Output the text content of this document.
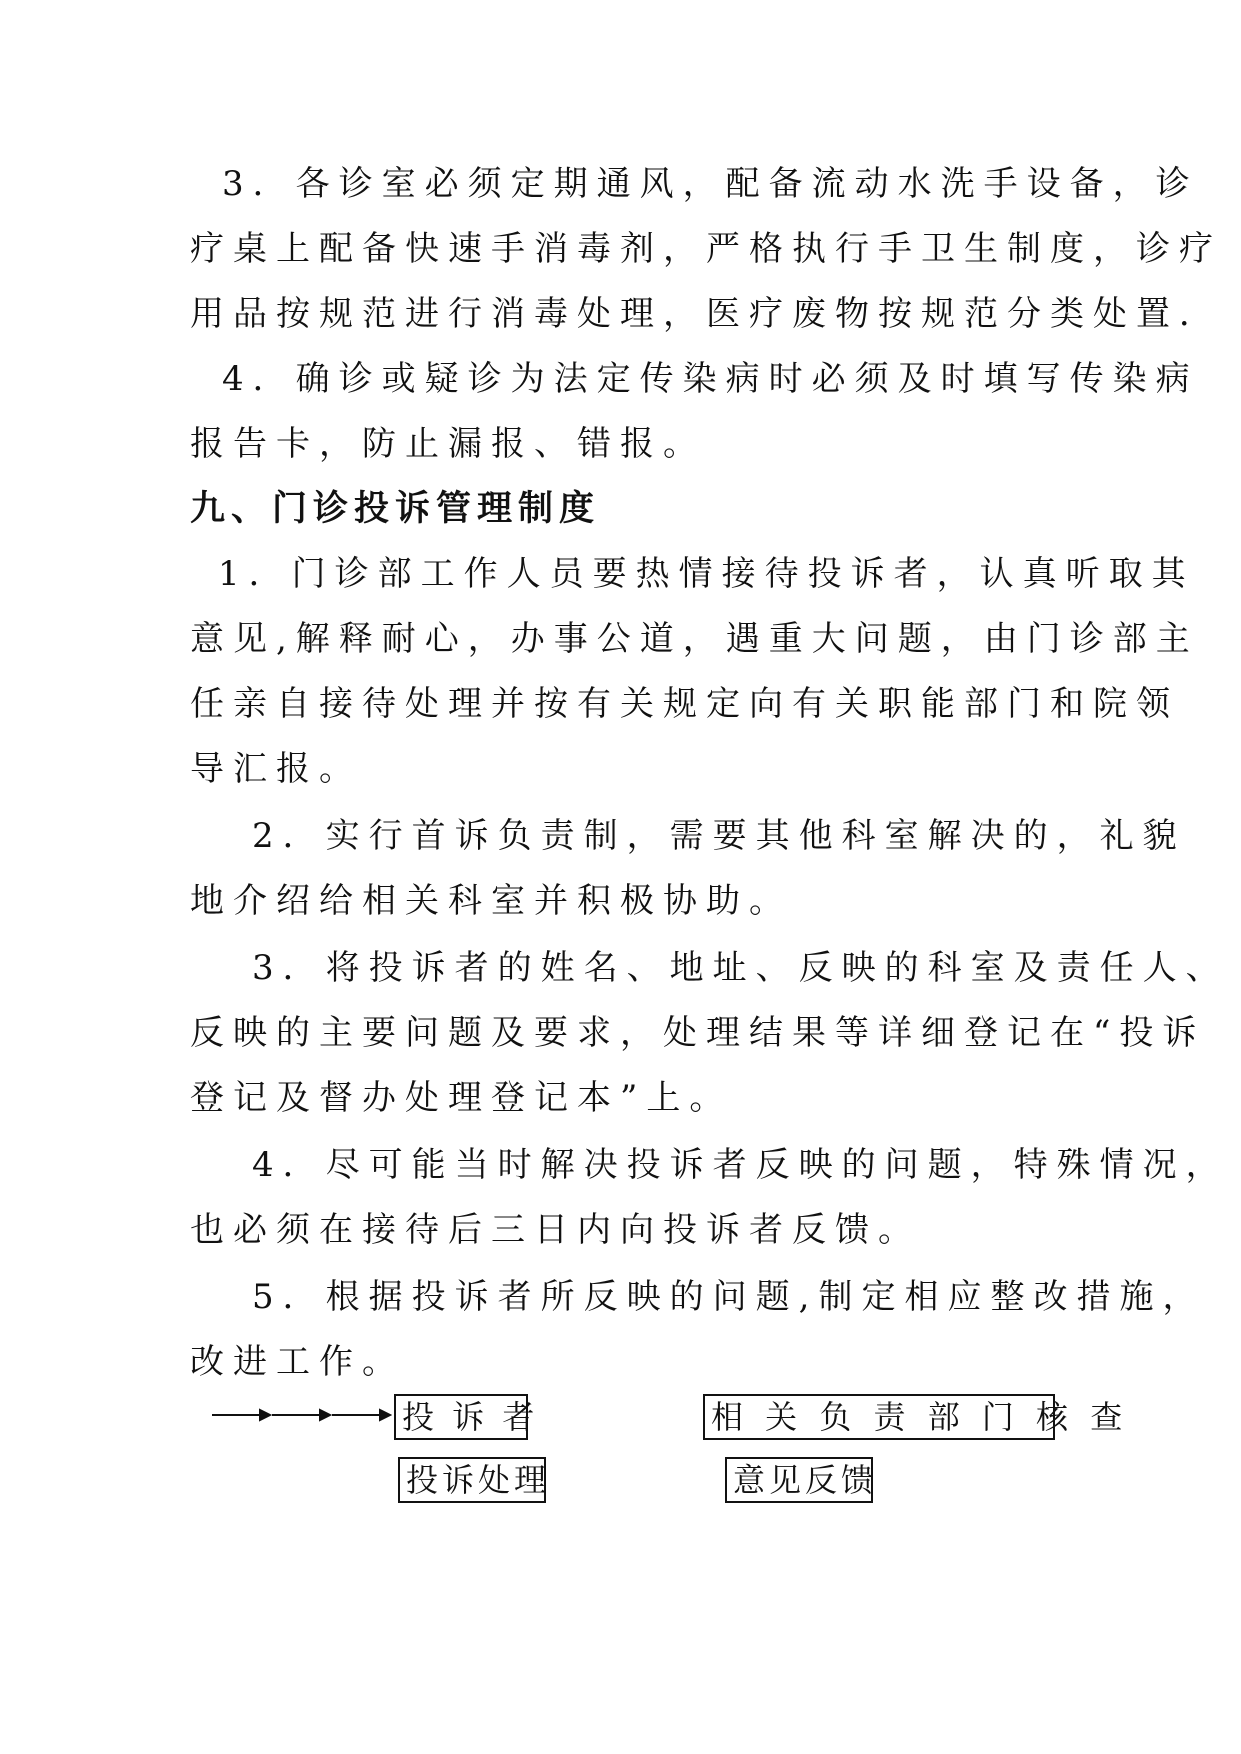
3．各诊室必须定期通风，配备流动水洗手设备，诊
疗桌上配备快速手消毒剂，严格执行手卫生制度，诊疗
用品按规范进行消毒处理，医疗废物按规范分类处置．
4．确诊或疑诊为法定传染病时必须及时填写传染病
报告卡，防止漏报、错报。
九、门诊投诉管理制度
1．门诊部工作人员要热情接待投诉者，认真听取其
意见,解释耐心，办事公道，遇重大问题，由门诊部主
任亲自接待处理并按有关规定向有关职能部门和院领
导汇报。
2．实行首诉负责制，需要其他科室解决的，礼貌
地介绍给相关科室并积极协助。
3．将投诉者的姓名、地址、反映的科室及责任人、
反映的主要问题及要求，处理结果等详细登记在“投诉
登记及督办处理登记本”上。
4．尽可能当时解决投诉者反映的问题，特殊情况，
也必须在接待后三日内向投诉者反馈。
5．根据投诉者所反映的问题,制定相应整改措施，
改进工作。
投 诉 者	相 关 负 责 部 门 核 查
投诉处理	意见反馈
